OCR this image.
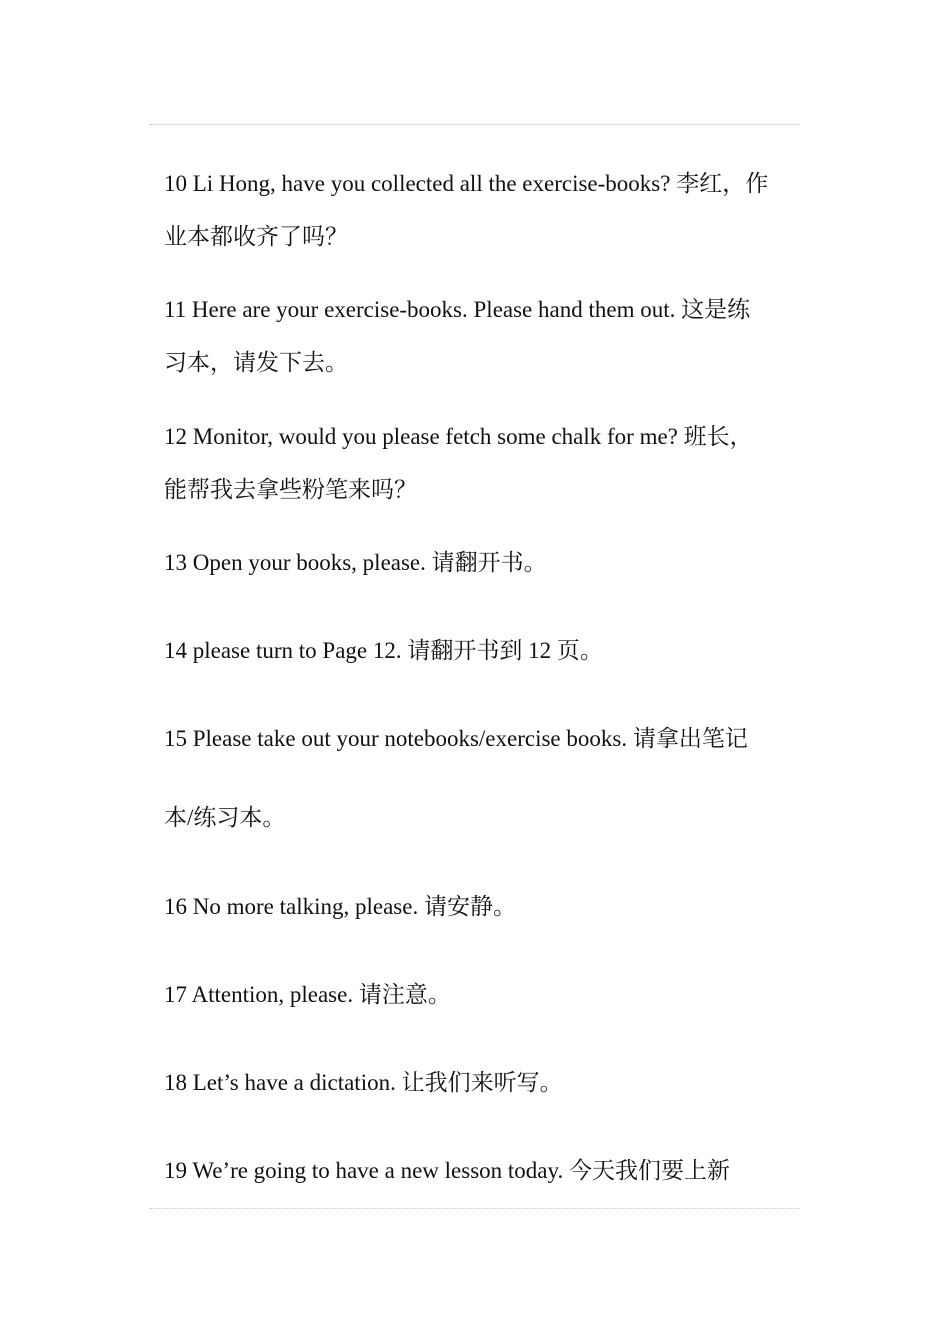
10 Li Hong, have you collected all the exercise-books? 李红，作
业本都收齐了吗？
11 Here are your exercise-books. Please hand them out. 这是练
习本，请发下去。
12 Monitor, would you please fetch some chalk for me? 班长，
能帮我去拿些粉笔来吗？
13 Open your books, please. 请翻开书。
14 please turn to Page 12. 请翻开书到 12 页。
15 Please take out your notebooks/exercise books. 请拿出笔记
本/练习本。
16 No more talking, please. 请安静。
17 Attention, please. 请注意。
18 Let’s have a dictation. 让我们来听写。
19 We’re going to have a new lesson today. 今天我们要上新
